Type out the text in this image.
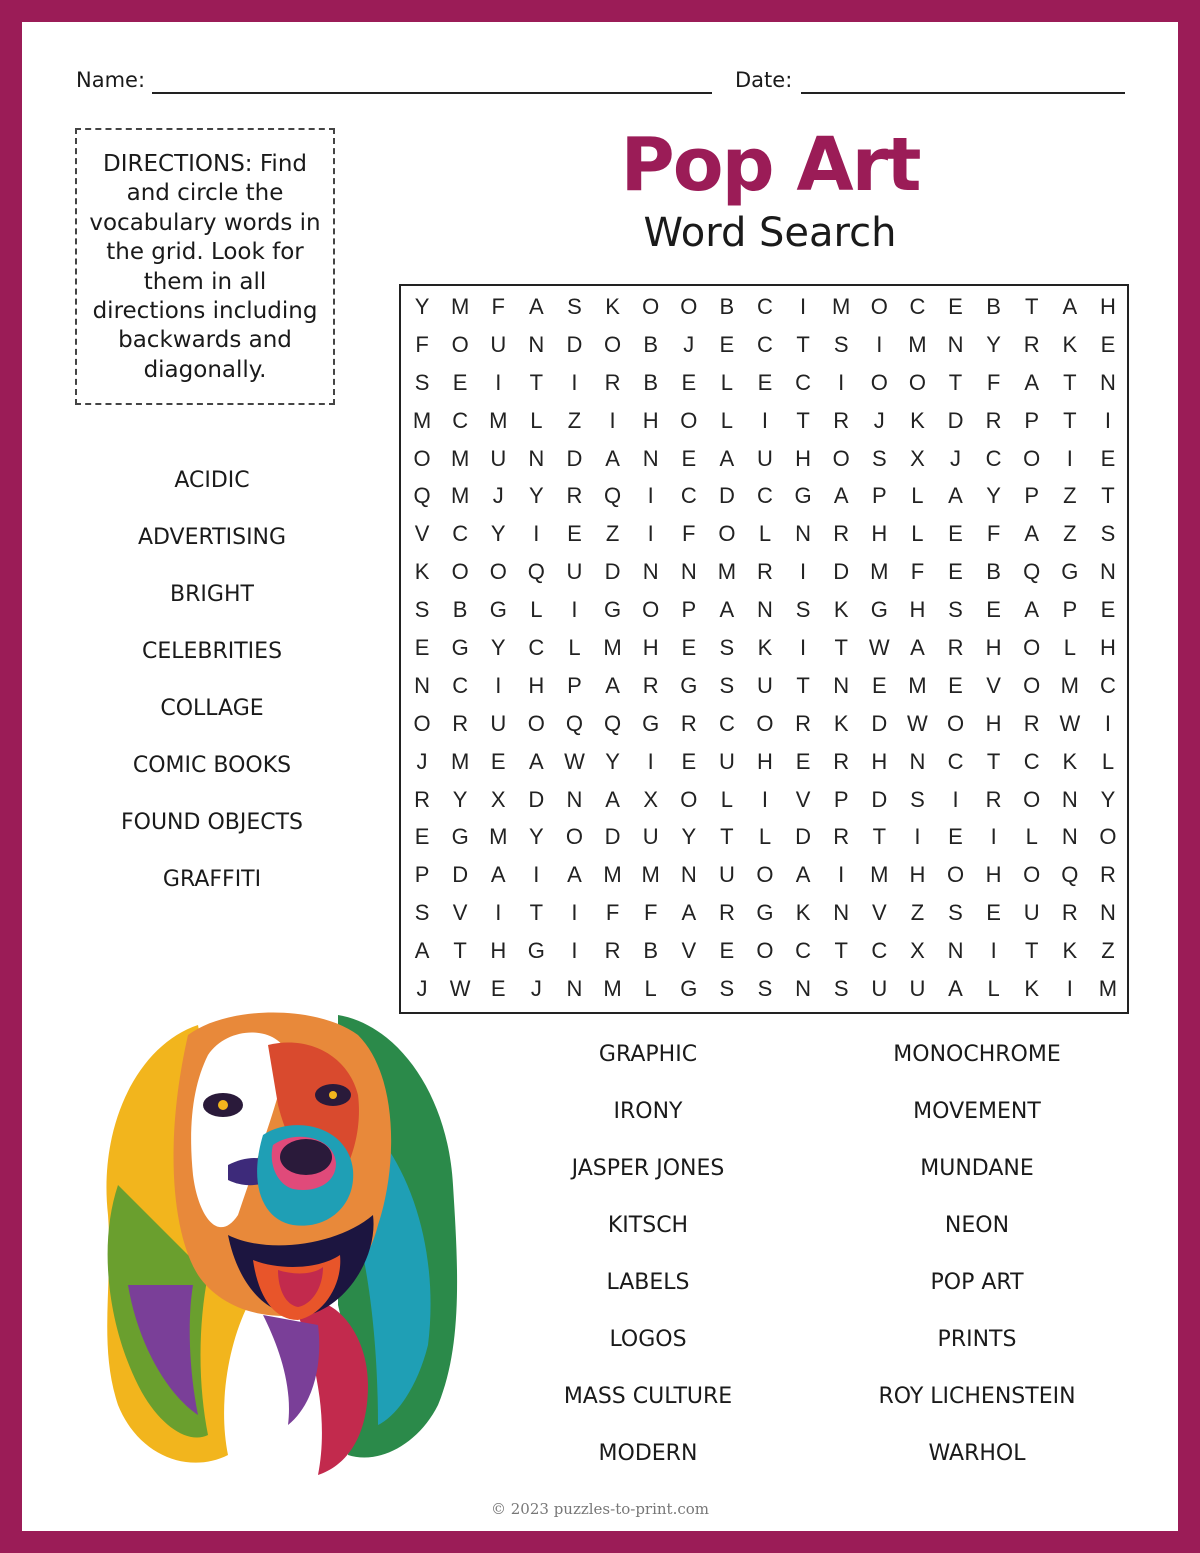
Name:	Date:
DIRECTIONS: Find and circle the vocabulary words in the grid. Look for them in all directions including backwards and diagonally.
Pop Art
Word Search
ACIDIC
ADVERTISING
BRIGHT
CELEBRITIES
COLLAGE
COMIC BOOKS
FOUND OBJECTS
GRAFFITI
Y M	F	A	S	K	O O	B	C	I	M O C	E	B	T	A	H
F	O U	N	D O	B	J	E	C	T	S	I	M N	Y	R	K	E
S	E	I	T	I	R	B	E	L	E	C	I	O O	T	F	A	T	N
M C M	L	Z	I	H O	L	I	T	R	J	K	D	R	P	T	I
O M U	N	D	A	N	E	A	U	H O	S	X	J	C O	I	E
Q M	J	Y	R Q	I	C	D	C G	A	P	L	A	Y	P	Z	T
V	C	Y	I	E	Z	I	F	O	L	N	R	H	L	E	F	A	Z	S
K	O O Q U	D	N	N M R	I	D M	F	E	B	Q G N
S	B	G	L	I	G O	P	A	N	S	K	G H	S	E	A	P	E
E	G	Y	C	L	M H	E	S	K	I	T W A	R	H O	L	H
N	C	I	H	P	A	R G	S	U	T	N	E M E	V	O M C
O R	U O Q Q G R	C O R	K	D W O H	R W	I
J	M E	A W Y	I	E	U	H	E	R	H	N	C	T	C	K	L
R	Y	X	D	N	A	X	O	L	I	V	P	D	S	I	R O N	Y
E	G M Y	O D	U	Y	T	L	D	R	T	I	E	I	L	N O
P	D	A	I	A M M N	U O	A	I	M H O H O Q R
S	V	I	T	I	F	F	A	R G	K	N	V	Z	S	E	U	R	N
A	T	H G	I	R	B	V	E	O C	T	C	X	N	I	T	K	Z
J	W E	J	N M	L	G	S	S	N	S	U	U	A	L	K	I	M
GRAPHIC
IRONY
JASPER JONES
KITSCH
LABELS
LOGOS
MASS CULTURE
MODERN
MONOCHROME
MOVEMENT
MUNDANE
NEON
POP ART
PRINTS
ROY LICHENSTEIN
WARHOL
© 2023 puzzles-to-print.com
